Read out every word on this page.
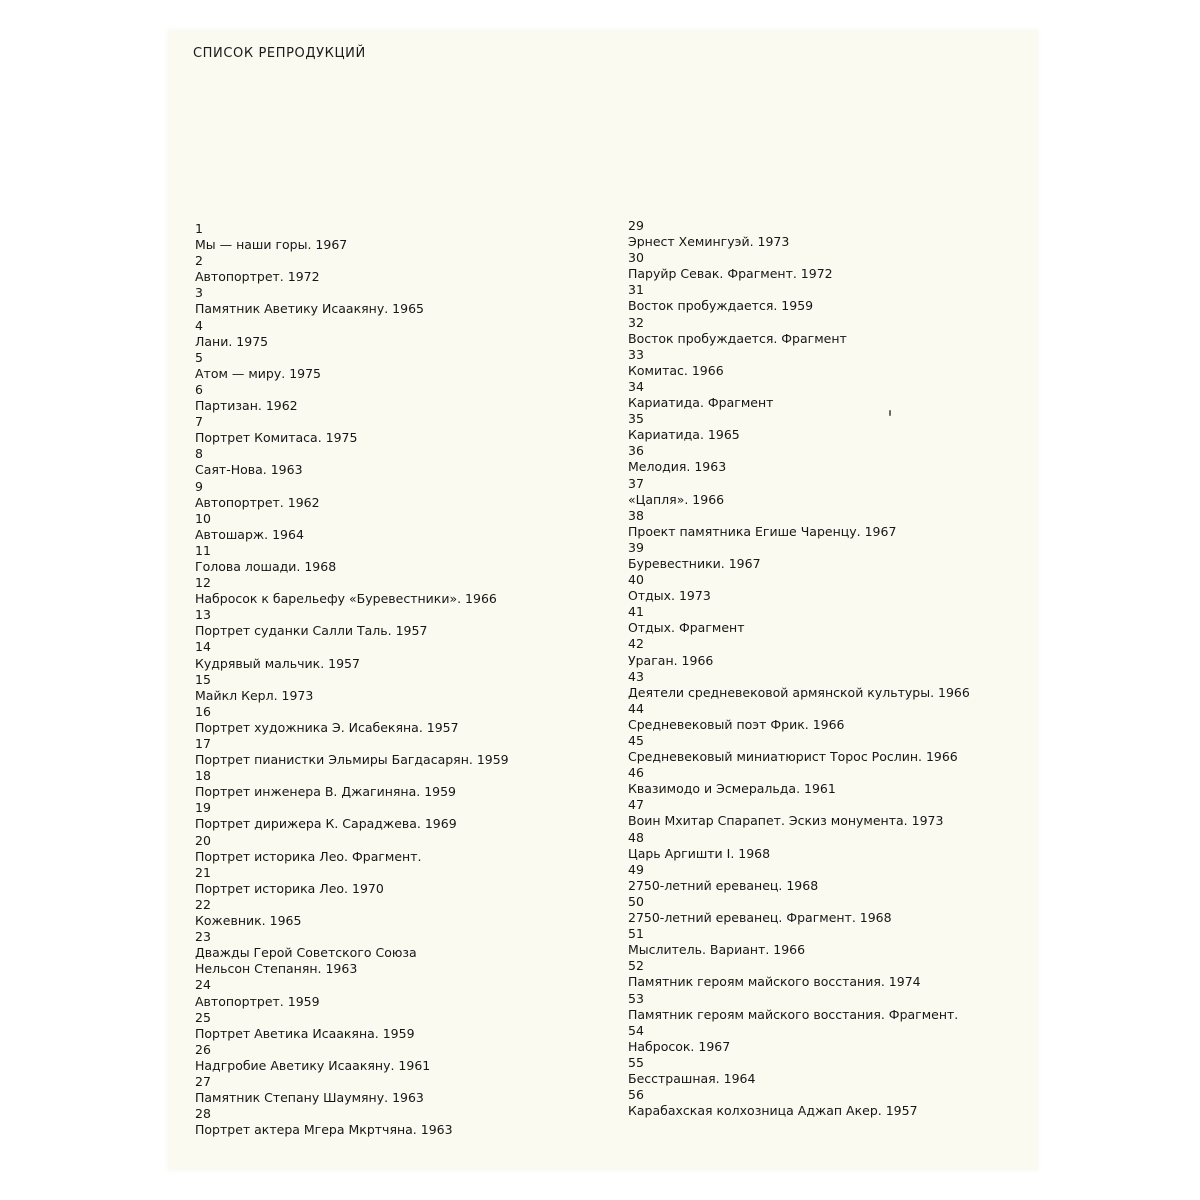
СПИСОК РЕПРОДУКЦИЙ
1
Мы — наши горы. 1967
2
Автопортрет. 1972
3
Памятник Аветику Исаакяну. 1965
4
Лани. 1975
5
Атом — миру. 1975
6
Партизан. 1962
7
Портрет Комитаса. 1975
8
Саят-Нова. 1963
9
Автопортрет. 1962
10
Автошарж. 1964
11
Голова лошади. 1968
12
Набросок к барельефу «Буревестники». 1966
13
Портрет суданки Салли Таль. 1957
14
Кудрявый мальчик. 1957
15
Майкл Керл. 1973
16
Портрет художника Э. Исабекяна. 1957
17
Портрет пианистки Эльмиры Багдасарян. 1959
18
Портрет инженера В. Джагиняна. 1959
19
Портрет дирижера К. Сараджева. 1969
20
Портрет историка Лео. Фрагмент.
21
Портрет историка Лео. 1970
22
Кожевник. 1965
23
Дважды Герой Советского Союза
Нельсон Степанян. 1963
24
Автопортрет. 1959
25
Портрет Аветика Исаакяна. 1959
26
Надгробие Аветику Исаакяну. 1961
27
Памятник Степану Шаумяну. 1963
28
Портрет актера Мгера Мкртчяна. 1963
29
Эрнест Хемингуэй. 1973
30
Паруйр Севак. Фрагмент. 1972
31
Восток пробуждается. 1959
32
Восток пробуждается. Фрагмент
33
Комитас. 1966
34
Кариатида. Фрагмент
35
Кариатида. 1965
36
Мелодия. 1963
37
«Цапля». 1966
38
Проект памятника Егише Чаренцу. 1967
39
Буревестники. 1967
40
Отдых. 1973
41
Отдых. Фрагмент
42
Ураган. 1966
43
Деятели средневековой армянской культуры. 1966
44
Средневековый поэт Фрик. 1966
45
Средневековый миниатюрист Торос Рослин. 1966
46
Квазимодо и Эсмеральда. 1961
47
Воин Мхитар Спарапет. Эскиз монумента. 1973
48
Царь Аргишти I. 1968
49
2750-летний ереванец. 1968
50
2750-летний ереванец. Фрагмент. 1968
51
Мыслитель. Вариант. 1966
52
Памятник героям майского восстания. 1974
53
Памятник героям майского восстания. Фрагмент.
54
Набросок. 1967
55
Бесстрашная. 1964
56
Карабахская колхозница Аджап Акер. 1957
